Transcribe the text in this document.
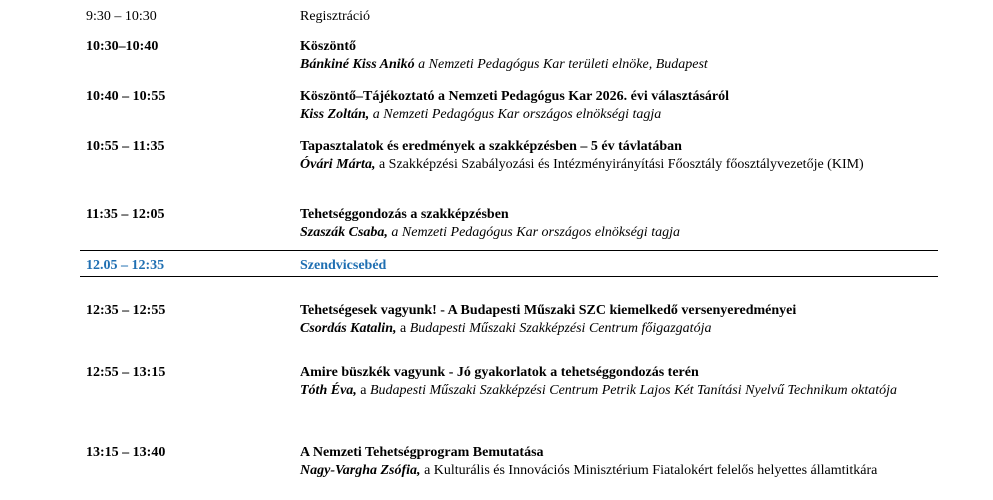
9:30 – 10:30	Regisztráció
10:30–10:40	Köszöntő
Bánkiné Kiss Anikó a Nemzeti Pedagógus Kar területi elnöke, Budapest
10:40 – 10:55	Köszöntő–Tájékoztató a Nemzeti Pedagógus Kar 2026. évi választásáról
Kiss Zoltán, a Nemzeti Pedagógus Kar országos elnökségi tagja
10:55 – 11:35	Tapasztalatok és eredmények a szakképzésben – 5 év távlatában
Óvári Márta, a Szakképzési Szabályozási és Intézményirányítási Főosztály főosztályvezetője (KIM)
11:35 – 12:05	Tehetséggondozás a szakképzésben
Szaszák Csaba, a Nemzeti Pedagógus Kar országos elnökségi tagja
12.05 – 12:35	Szendvicsebéd
12:35 – 12:55	Tehetségesek vagyunk! - A Budapesti Műszaki SZC kiemelkedő versenyeredményei
Csordás Katalin, a Budapesti Műszaki Szakképzési Centrum főigazgatója
12:55 – 13:15	Amire büszkék vagyunk - Jó gyakorlatok a tehetséggondozás terén
Tóth Éva, a Budapesti Műszaki Szakképzési Centrum Petrik Lajos Két Tanítási Nyelvű Technikum oktatója
13:15 – 13:40	A Nemzeti Tehetségprogram Bemutatása
Nagy-Vargha Zsófia, a Kulturális és Innovációs Minisztérium Fiatalokért felelős helyettes államtitkára
